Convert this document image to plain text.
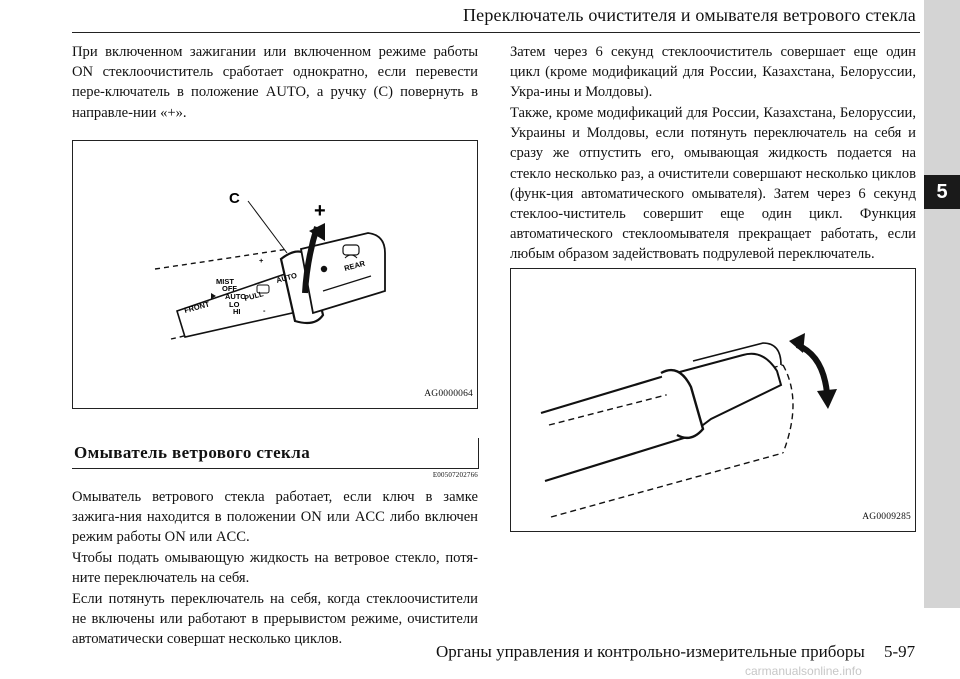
Переключатель очистителя и омывателя ветрового стекла
5

При включенном зажигании или включенном режиме работы ON стеклоочиститель сработает однократно, если перевести пере-ключатель в положение AUTO, а ручку (C) повернуть в направле-нии «+».

C
+
MIST
OFF
AUTO
LO
HI
FRONT
PULL
AUTO
REAR
+
-
AG0000064
Омыватель ветрового стекла
E00507202766

Омыватель ветрового стекла работает, если ключ в замке зажига-ния находится в положении ON или ACC либо включен режим работы ON или ACC.

Чтобы подать омывающую жидкость на ветровое стекло, потя-ните переключатель на себя.

Если потянуть переключатель на себя, когда стеклоочистители не включены или работают в прерывистом режиме, очистители автоматически совершат несколько циклов.

Затем через 6 секунд стеклоочиститель совершает еще один цикл (кроме модификаций для России, Казахстана, Белоруссии, Укра-ины и Молдовы).

Также, кроме модификаций для России, Казахстана, Белоруссии, Украины и Молдовы, если потянуть переключатель на себя и сразу же отпустить его, омывающая жидкость подается на стекло несколько раз, а очистители совершают несколько циклов (функ-ция автоматического омывателя). Затем через 6 секунд стеклоо-чиститель совершит еще один цикл. Функция автоматического стеклоомывателя прекращает работать, если любым образом задействовать подрулевой переключатель.

AG0009285
Органы управления и контрольно-измерительные приборы 5-97
carmanualsonline.info
